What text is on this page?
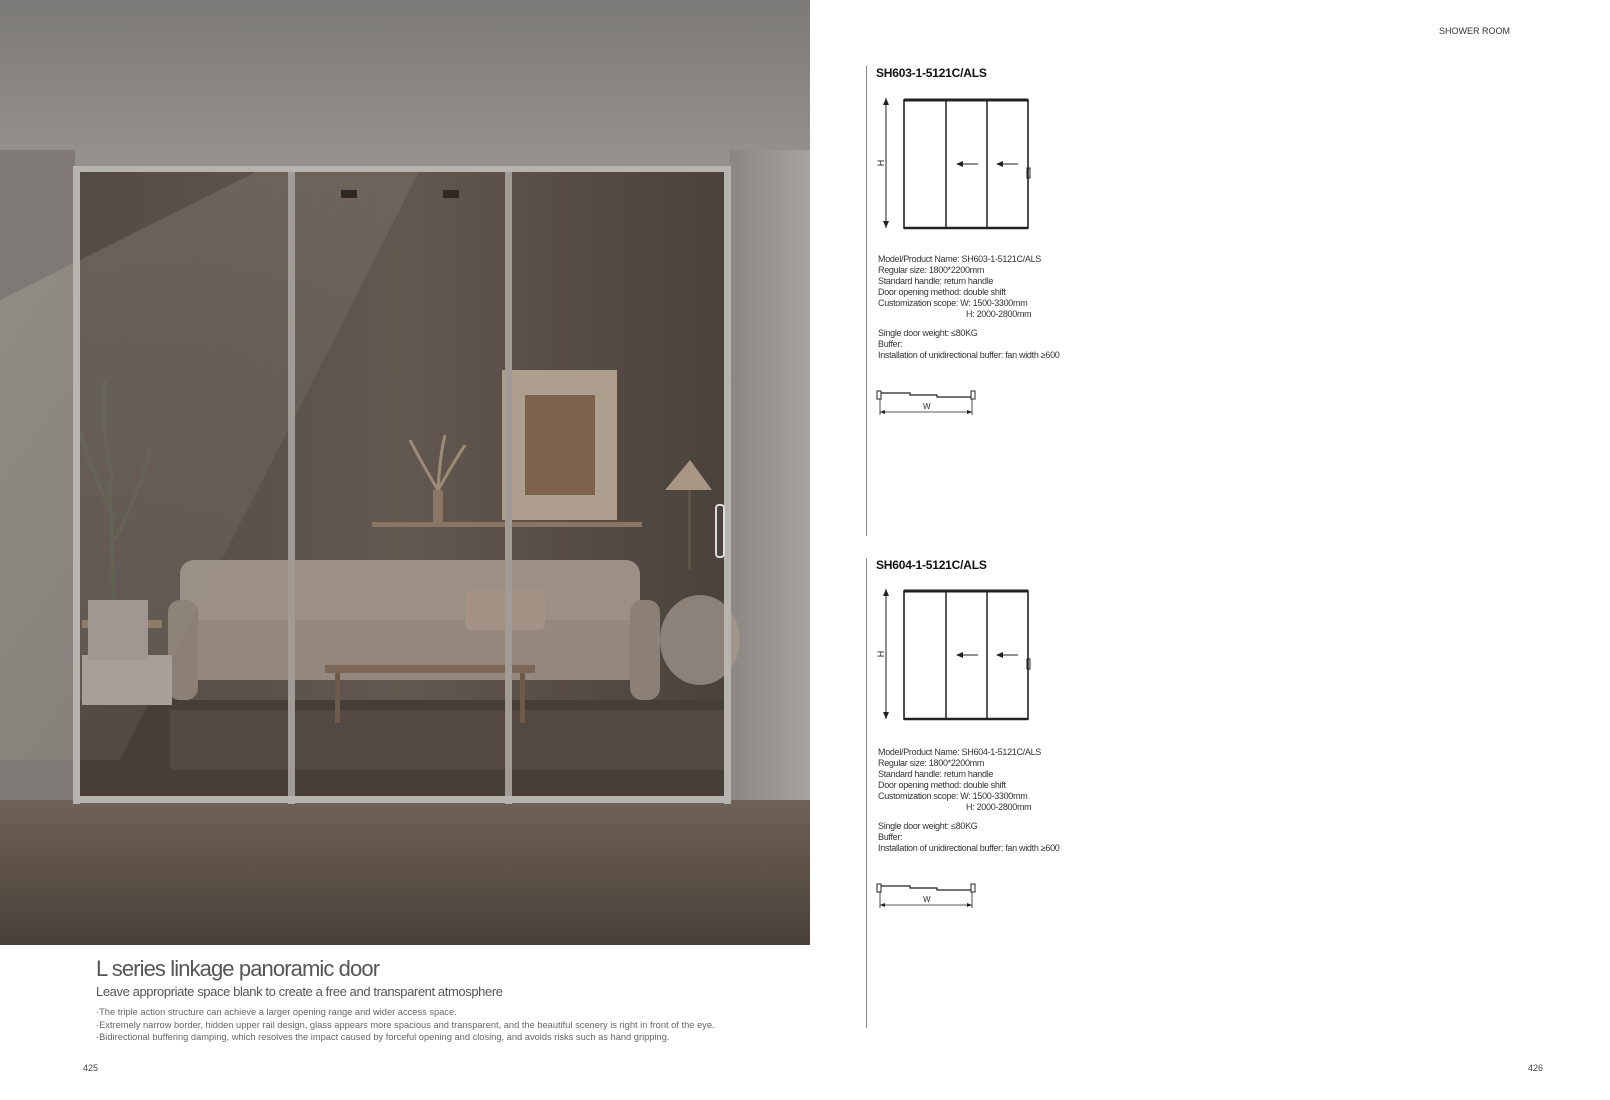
SHOWER ROOM
L series linkage panoramic door
Leave appropriate space blank to create a free and transparent atmosphere
·The triple action structure can achieve a larger opening range and wider access space.
·Extremely narrow border, hidden upper rail design, glass appears more spacious and transparent, and the beautiful scenery is right in front of the eye.
·Bidirectional buffering damping, which resolves the impact caused by forceful opening and closing, and avoids risks such as hand gripping.
425
SH603-1-5121C/ALS
H
Model/Product Name: SH603-1-5121C/ALS
Regular size: 1800*2200mm
Standard handle: return handle
Door opening method: double shift
Customization scope: W: 1500-3300mm
H: 2000-2800mm
Single door weight: ≤80KG
Buffer:
Installation of unidirectional buffer: fan width ≥600
W
SH604-1-5121C/ALS
H
Model/Product Name: SH604-1-5121C/ALS
Regular size: 1800*2200mm
Standard handle: return handle
Door opening method: double shift
Customization scope: W: 1500-3300mm
H: 2000-2800mm
Single door weight: ≤80KG
Buffer:
Installation of unidirectional buffer: fan width ≥600
W
426
